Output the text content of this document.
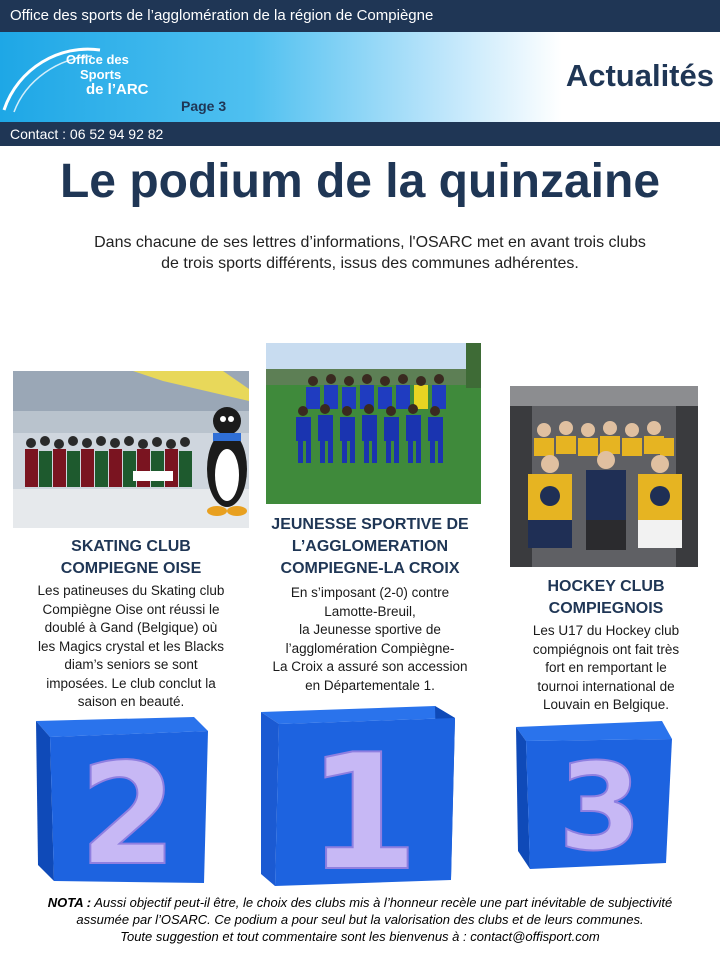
Office des sports de l’agglomération de la région de Compiègne
Office des
Sports
de l’ARC
Page 3
Actualités
Contact : 06 52 94 92 82
Le podium de la quinzaine
Dans chacune de ses lettres d’informations, l'OSARC met en avant trois clubs
de trois sports différents, issus des communes adhérentes.
SKATING CLUB
COMPIEGNE OISE
Les patineuses du Skating club
Compiègne Oise ont réussi le
doublé à Gand (Belgique) où
les Magics crystal et les Blacks
diam’s seniors se sont
imposées. Le club conclut la
saison en beauté.
JEUNESSE SPORTIVE DE
L’AGGLOMERATION
COMPIEGNE-LA CROIX
En s’imposant (2-0) contre
Lamotte-Breuil,
la Jeunesse sportive de
l’agglomération Compiègne-
La Croix a assuré son accession
en Départementale 1.
HOCKEY CLUB
COMPIEGNOIS
Les U17 du Hockey club
compiégnois ont fait très
fort en remportant le
tournoi international de
Louvain en Belgique.
2 1 3
NOTA : Aussi objectif peut-il être, le choix des clubs mis à l’honneur recèle une part inévitable de subjectivité
assumée par l’OSARC. Ce podium a pour seul but la valorisation des clubs et de leurs communes.
Toute suggestion et tout commentaire sont les bienvenus à : contact@offisport.com
